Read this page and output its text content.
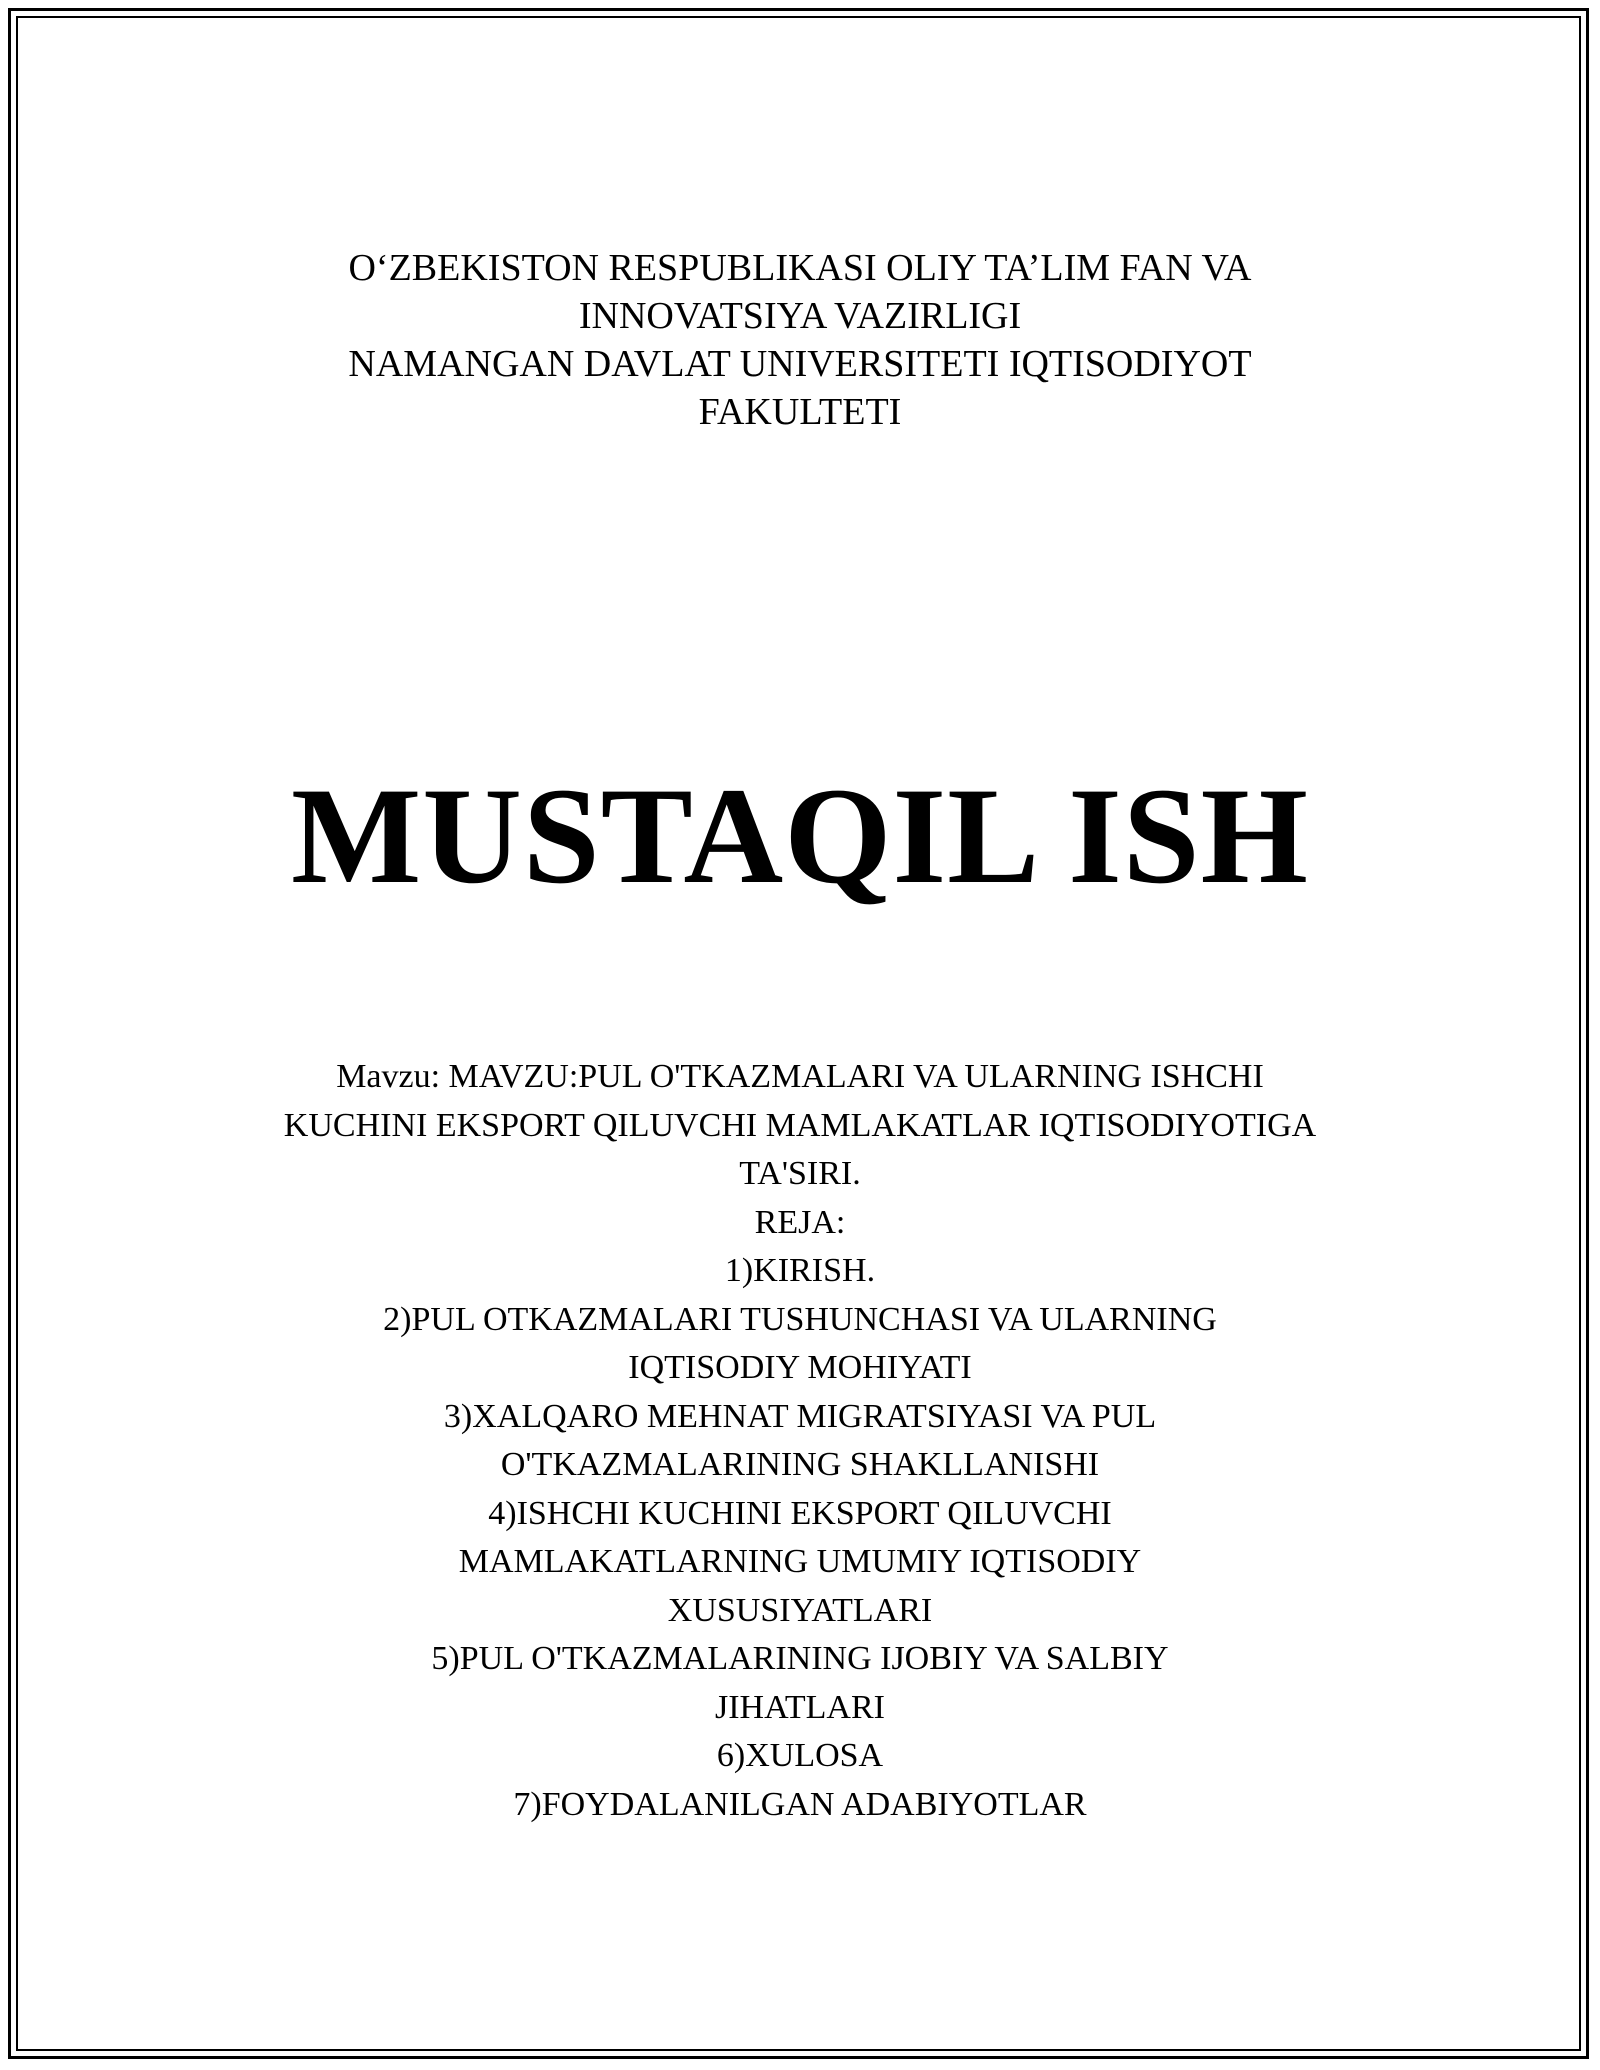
O‘ZBEKISTON RESPUBLIKASI OLIY TA’LIM FAN VA
INNOVATSIYA VAZIRLIGI
NAMANGAN DAVLAT UNIVERSITETI IQTISODIYOT
FAKULTETI
MUSTAQIL ISH
Mavzu: MAVZU:PUL O'TKAZMALARI VA ULARNING ISHCHI
KUCHINI EKSPORT QILUVCHI MAMLAKATLAR IQTISODIYOTIGA
TA'SIRI.
REJA:
1)KIRISH.
2)PUL OTKAZMALARI TUSHUNCHASI VA ULARNING
IQTISODIY MOHIYATI
3)XALQARO MEHNAT MIGRATSIYASI VA PUL
O'TKAZMALARINING SHAKLLANISHI
4)ISHCHI KUCHINI EKSPORT QILUVCHI
MAMLAKATLARNING UMUMIY IQTISODIY
XUSUSIYATLARI
5)PUL O'TKAZMALARINING IJOBIY VA SALBIY
JIHATLARI
6)XULOSA
7)FOYDALANILGAN ADABIYOTLAR
